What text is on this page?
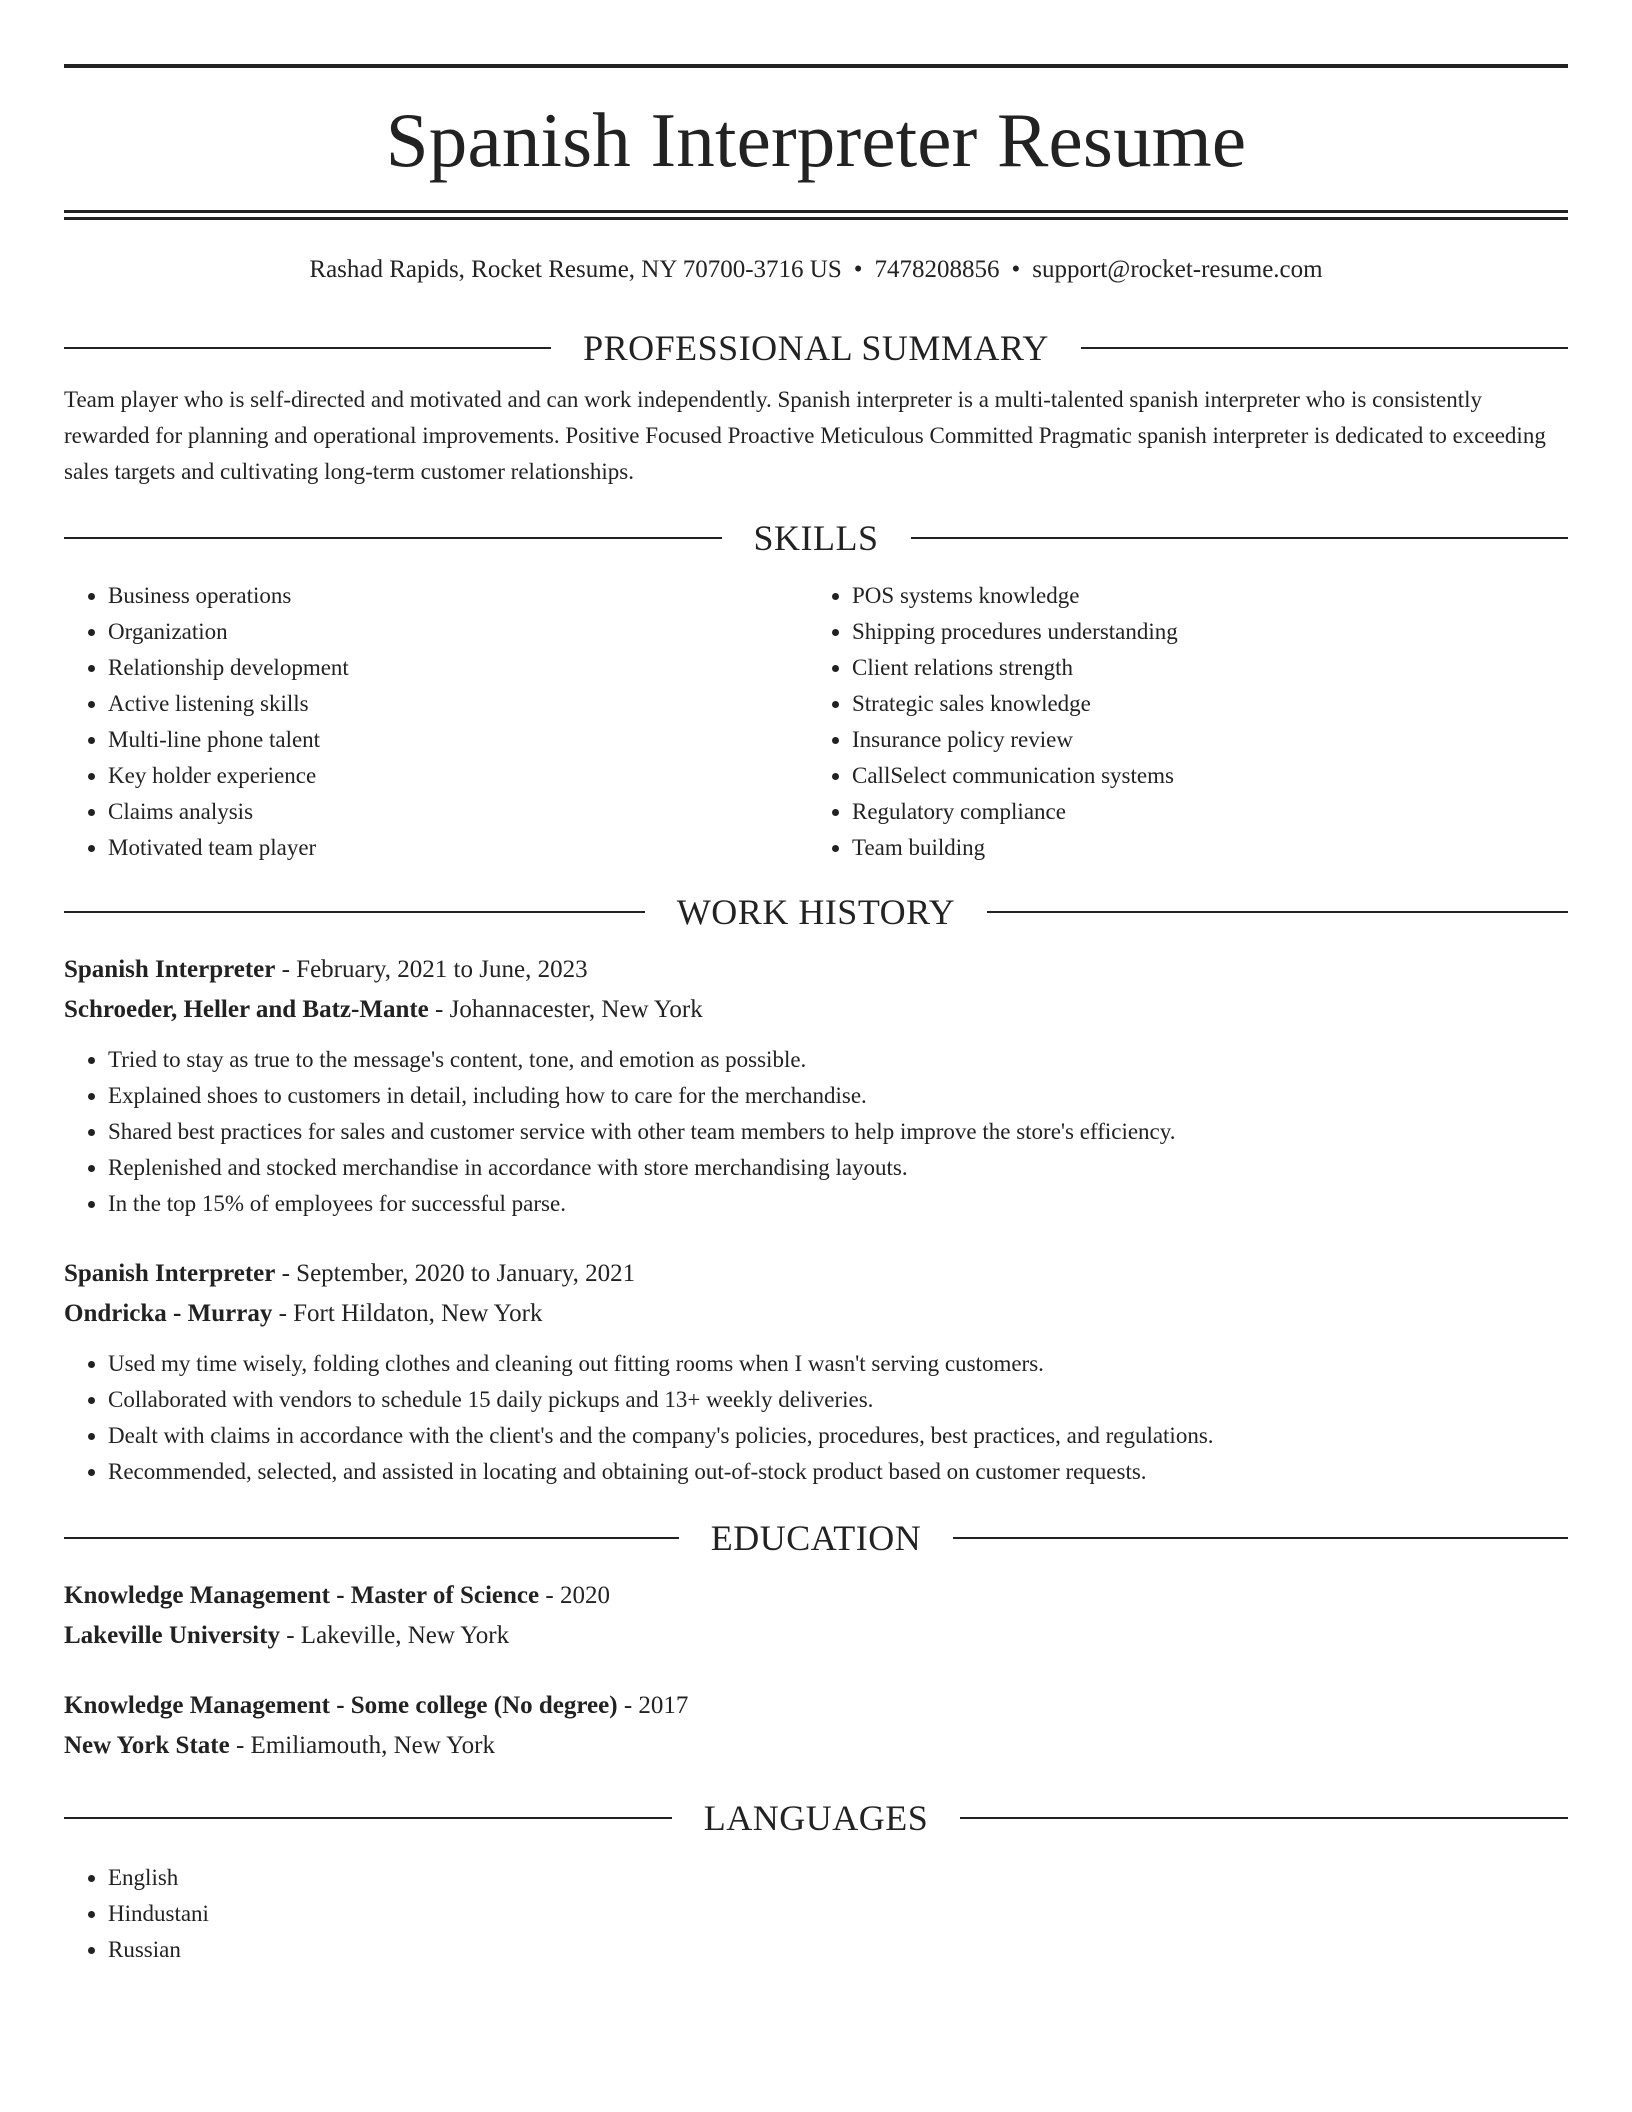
Spanish Interpreter Resume
Rashad Rapids, Rocket Resume, NY 70700-3716 US • 7478208856 • support@rocket-resume.com
PROFESSIONAL SUMMARY
Team player who is self-directed and motivated and can work independently. Spanish interpreter is a multi-talented spanish interpreter who is consistently rewarded for planning and operational improvements. Positive Focused Proactive Meticulous Committed Pragmatic spanish interpreter is dedicated to exceeding sales targets and cultivating long-term customer relationships.
SKILLS
• Business operations
• Organization
• Relationship development
• Active listening skills
• Multi-line phone talent
• Key holder experience
• Claims analysis
• Motivated team player
• POS systems knowledge
• Shipping procedures understanding
• Client relations strength
• Strategic sales knowledge
• Insurance policy review
• CallSelect communication systems
• Regulatory compliance
• Team building
WORK HISTORY
Spanish Interpreter - February, 2021 to June, 2023
Schroeder, Heller and Batz-Mante - Johannacester, New York
• Tried to stay as true to the message's content, tone, and emotion as possible.
• Explained shoes to customers in detail, including how to care for the merchandise.
• Shared best practices for sales and customer service with other team members to help improve the store's efficiency.
• Replenished and stocked merchandise in accordance with store merchandising layouts.
• In the top 15% of employees for successful parse.
Spanish Interpreter - September, 2020 to January, 2021
Ondricka - Murray - Fort Hildaton, New York
• Used my time wisely, folding clothes and cleaning out fitting rooms when I wasn't serving customers.
• Collaborated with vendors to schedule 15 daily pickups and 13+ weekly deliveries.
• Dealt with claims in accordance with the client's and the company's policies, procedures, best practices, and regulations.
• Recommended, selected, and assisted in locating and obtaining out-of-stock product based on customer requests.
EDUCATION
Knowledge Management - Master of Science - 2020
Lakeville University - Lakeville, New York
Knowledge Management - Some college (No degree) - 2017
New York State - Emiliamouth, New York
LANGUAGES
• English
• Hindustani
• Russian
